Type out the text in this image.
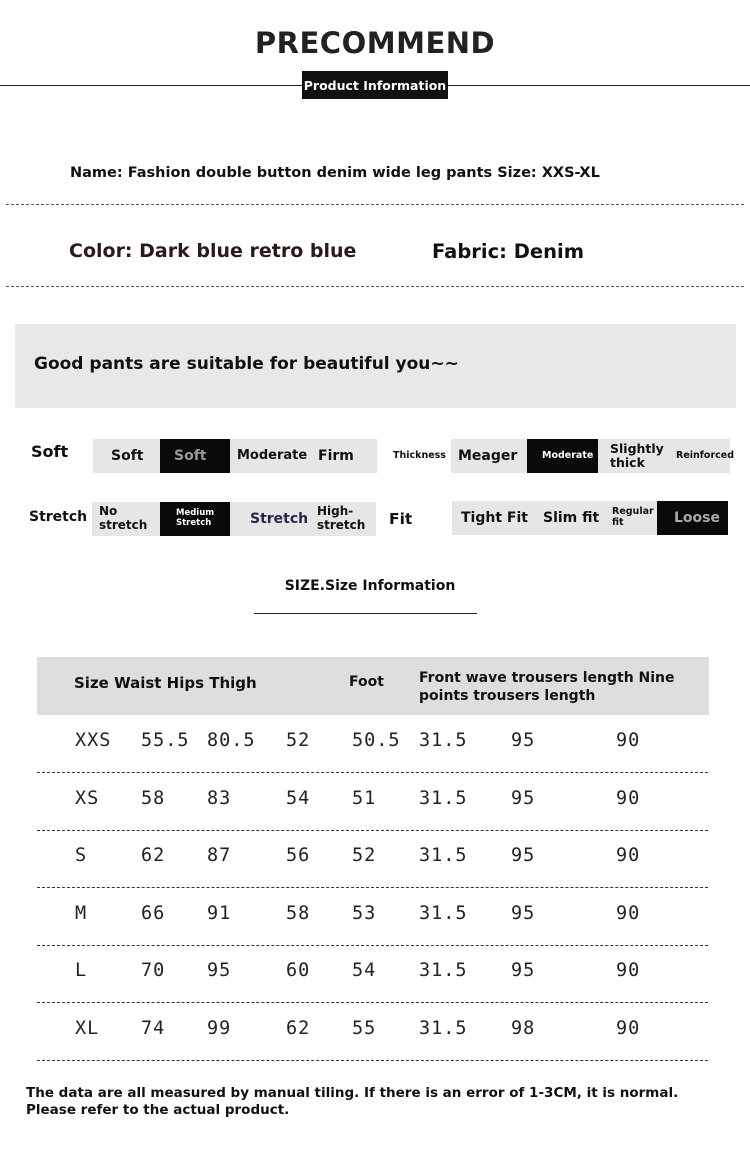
PRECOMMEND
Product Information
Name: Fashion double button denim wide leg pants Size: XXS-XL
Color: Dark blue retro blue	Fabric: Denim
Good pants are suitable for beautiful you~~
Soft	Soft	Soft	Moderate Firm	Thickness Meager	Moderate	Slightly thick	Reinforced
Stretch No stretch
Medium Stretch	Stretch High-stretch	Fit	Tight Fit	Slim fit	Regular fit	Loose
SIZE.Size Information
Size Waist Hips Thigh	Foot	Front wave trousers length Nine points trousers length
XXS 55.5 80.5 52 50.5 31.5 95	90
XS 58 83	54 51 31.5 95	90
S	62 87	56 52 31.5 95	90
M	66 91	58 53 31.5 95	90
L	70 95	60 54 31.5 95	90
XL 74 99	62 55 31.5 98	90
The data are all measured by manual tiling. If there is an error of 1-3CM, it is normal. Please refer to the actual product.
